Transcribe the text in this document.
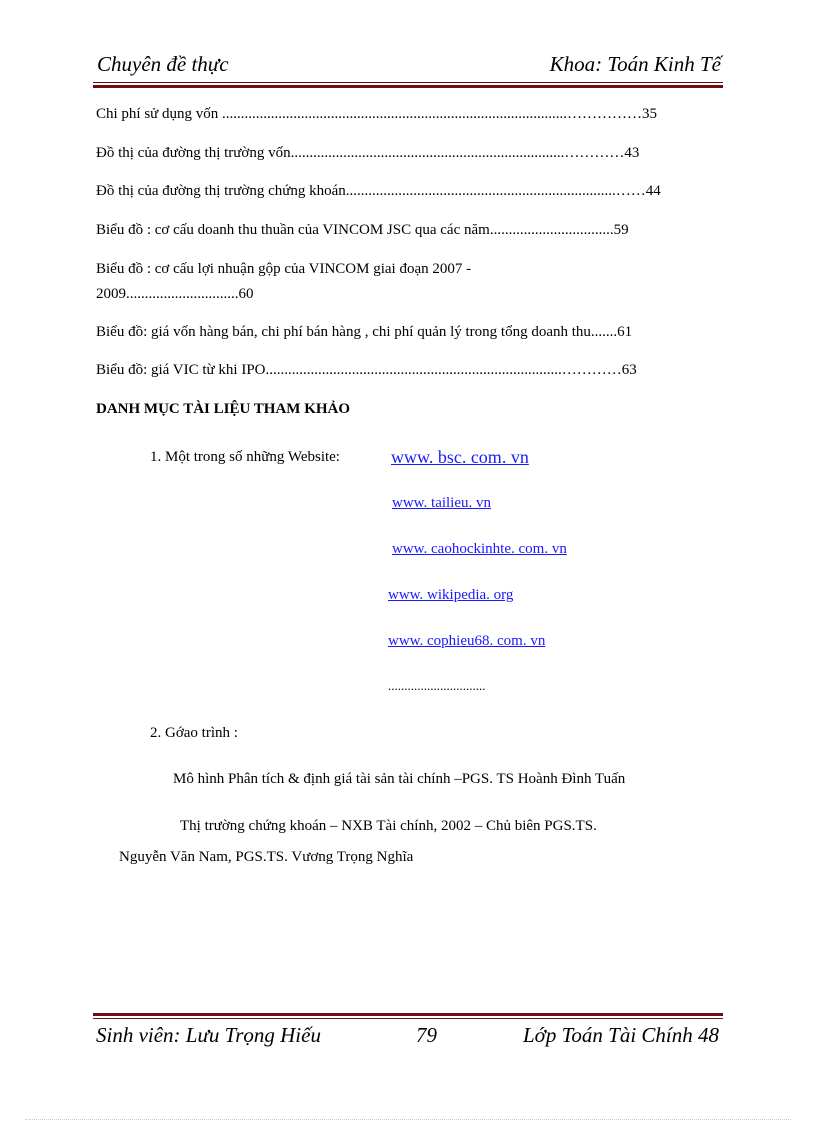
Chuyên đề thực	Khoa: Toán Kinh Tế
Chi phí sử dụng vốn ............................................................................................……………35
Đồ thị của đường thị trường vốn.........................................................................…………43
Đồ thị của đường thị trường chứng khoán........................................................................……44
Biểu đồ : cơ cấu doanh thu thuần của VINCOM JSC qua các năm.................................59
Biểu đồ : cơ cấu lợi nhuận gộp của VINCOM giai đoạn 2007 -
2009..............................60
Biểu đồ: giá vốn hàng bán, chi phí bán hàng , chi phí quản lý trong tổng doanh thu.......61
Biểu đồ: giá VIC từ khi IPO...............................................................................…………63
DANH MỤC TÀI LIỆU THAM KHẢO
1. Một trong số những Website:	www. bsc. com. vn
www. tailieu. vn
www. caohockinhte. com. vn
www. wikipedia. org
www. cophieu68. com. vn
..............................
2. Gớao trình :
Mô hình Phân tích & định giá tài sản tài chính –PGS. TS Hoành Đình Tuấn
Thị trường chứng khoán – NXB Tài chính, 2002 – Chủ biên PGS.TS.
Nguyễn Văn Nam, PGS.TS. Vương Trọng Nghĩa
Sinh viên: Lưu Trọng Hiếu	79	Lớp Toán Tài Chính 48
